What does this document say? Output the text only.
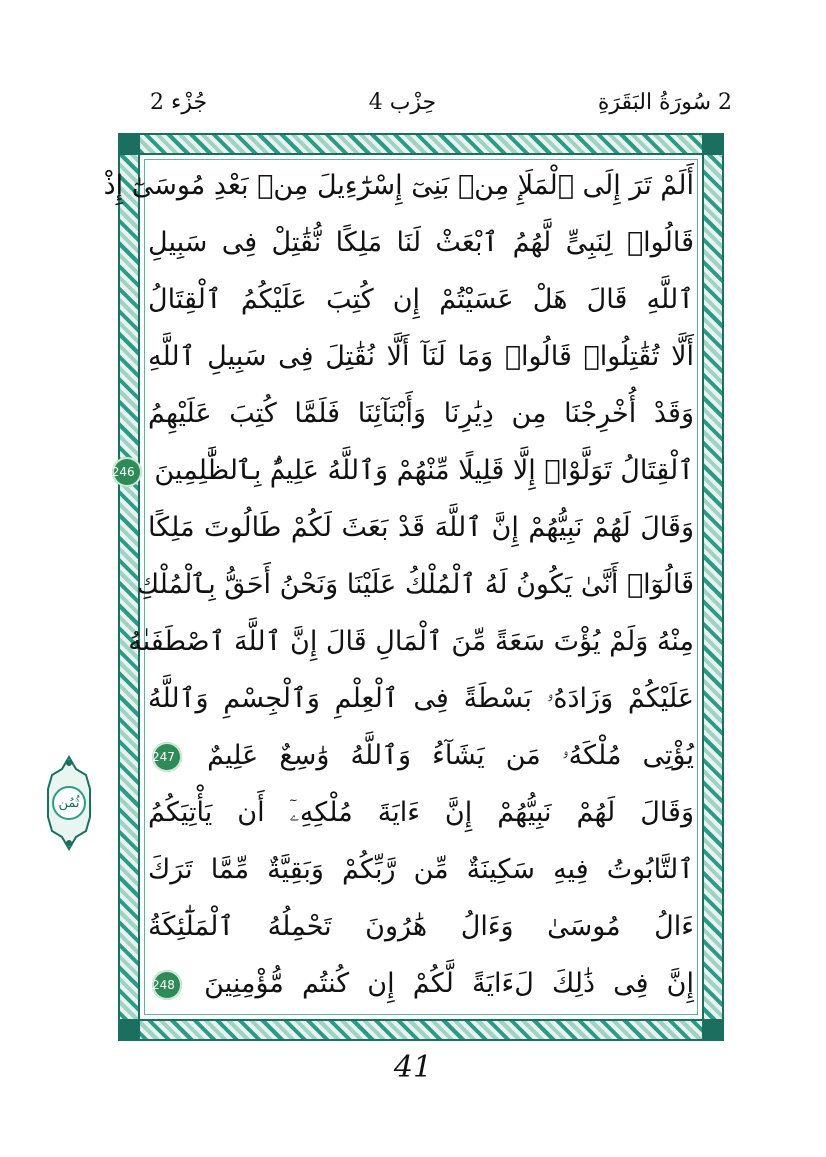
2 سُورَةُ البَقَرَةِ
حِزْب 4
جُزْء 2
أَلَمْ تَرَ إِلَى ٱلْمَلَإِ مِنۢ بَنِىٓ إِسْرَٰٓءِيلَ مِنۢ بَعْدِ مُوسَىٰٓ إِذْ
قَالُوا۟ لِنَبِىٍّ لَّهُمُ ٱبْعَثْ لَنَا مَلِكًا نُّقَٰتِلْ فِى سَبِيلِ
ٱللَّهِ قَالَ هَلْ عَسَيْتُمْ إِن كُتِبَ عَلَيْكُمُ ٱلْقِتَالُ
أَلَّا تُقَٰتِلُوا۟ قَالُوا۟ وَمَا لَنَآ أَلَّا نُقَٰتِلَ فِى سَبِيلِ ٱللَّهِ
وَقَدْ أُخْرِجْنَا مِن دِيَٰرِنَا وَأَبْنَآئِنَا فَلَمَّا كُتِبَ عَلَيْهِمُ
ٱلْقِتَالُ تَوَلَّوْا۟ إِلَّا قَلِيلًا مِّنْهُمْ وَٱللَّهُ عَلِيمٌۢ بِٱلظَّٰلِمِينَ 246
وَقَالَ لَهُمْ نَبِيُّهُمْ إِنَّ ٱللَّهَ قَدْ بَعَثَ لَكُمْ طَالُوتَ مَلِكًا
قَالُوٓا۟ أَنَّىٰ يَكُونُ لَهُ ٱلْمُلْكُ عَلَيْنَا وَنَحْنُ أَحَقُّ بِٱلْمُلْكِ
مِنْهُ وَلَمْ يُؤْتَ سَعَةً مِّنَ ٱلْمَالِ قَالَ إِنَّ ٱللَّهَ ٱصْطَفَىٰهُ
عَلَيْكُمْ وَزَادَهُۥ بَسْطَةً فِى ٱلْعِلْمِ وَٱلْجِسْمِ وَٱللَّهُ
يُؤْتِى مُلْكَهُۥ مَن يَشَآءُ وَٱللَّهُ وَٰسِعٌ عَلِيمٌ 247
وَقَالَ لَهُمْ نَبِيُّهُمْ إِنَّ ءَايَةَ مُلْكِهِۦٓ أَن يَأْتِيَكُمُ
ٱلتَّابُوتُ فِيهِ سَكِينَةٌ مِّن رَّبِّكُمْ وَبَقِيَّةٌ مِّمَّا تَرَكَ
ءَالُ مُوسَىٰ وَءَالُ هَٰرُونَ تَحْمِلُهُ ٱلْمَلَٰٓئِكَةُ
إِنَّ فِى ذَٰلِكَ لَءَايَةً لَّكُمْ إِن كُنتُم مُّؤْمِنِينَ 248
ثُمُن
41
